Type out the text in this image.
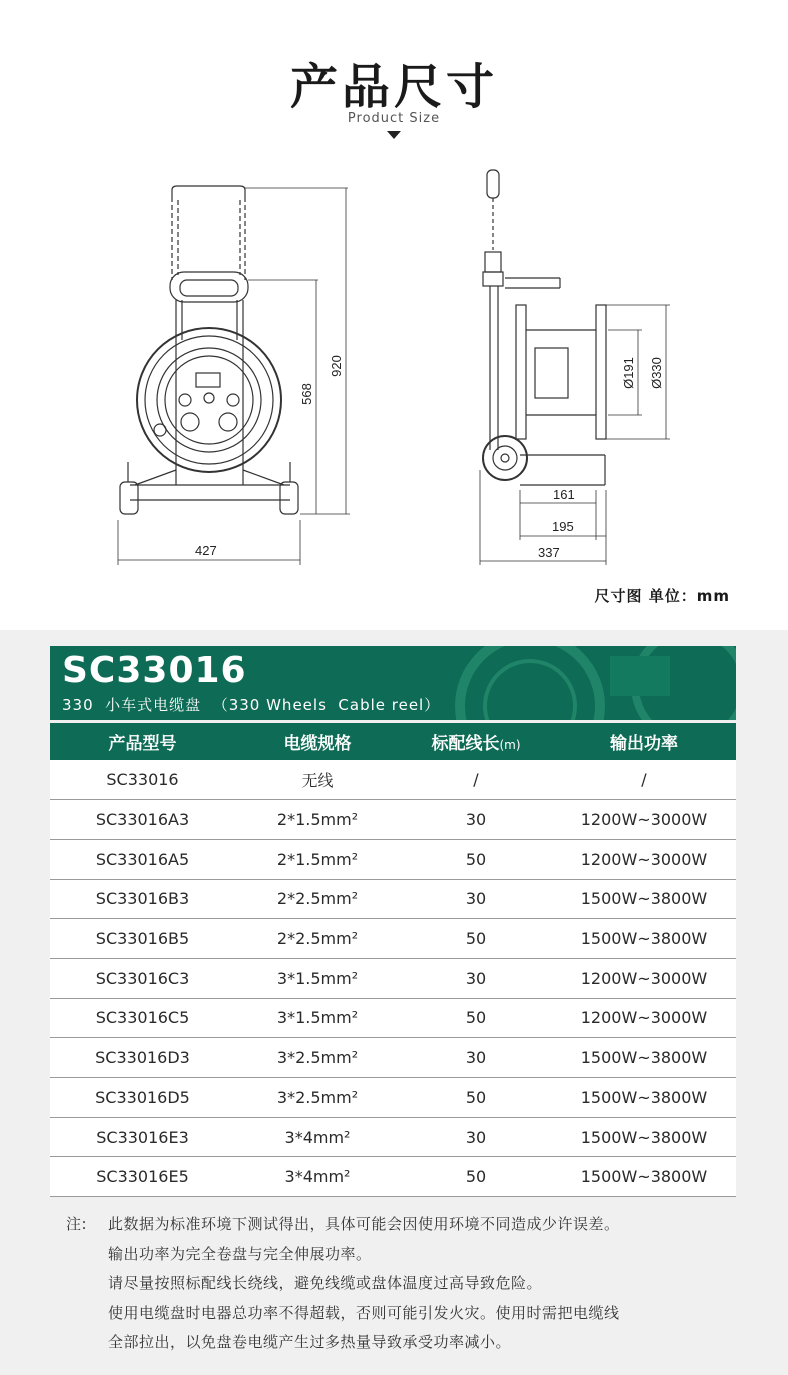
产品尺寸
Product Size
427
920
568
Ø191 Ø330
161
195
337
尺寸图 单位：mm
SC33016
330  小车式电缆盘  （330 Wheels  Cable reel）
产品型号	电缆规格	标配线长(m)	输出功率
SC33016	无线	/	/
SC33016A3	2*1.5mm²	30	1200W~3000W
SC33016A5	2*1.5mm²	50	1200W~3000W
SC33016B3	2*2.5mm²	30	1500W~3800W
SC33016B5	2*2.5mm²	50	1500W~3800W
SC33016C3	3*1.5mm²	30	1200W~3000W
SC33016C5	3*1.5mm²	50	1200W~3000W
SC33016D3	3*2.5mm²	30	1500W~3800W
SC33016D5	3*2.5mm²	50	1500W~3800W
SC33016E3	3*4mm²	30	1500W~3800W
SC33016E5	3*4mm²	50	1500W~3800W
注: 此数据为标准环境下测试得出，具体可能会因使用环境不同造成少许误差。
输出功率为完全卷盘与完全伸展功率。
请尽量按照标配线长绕线，避免线缆或盘体温度过高导致危险。
使用电缆盘时电器总功率不得超载，否则可能引发火灾。使用时需把电缆线
全部拉出，以免盘卷电缆产生过多热量导致承受功率减小。
